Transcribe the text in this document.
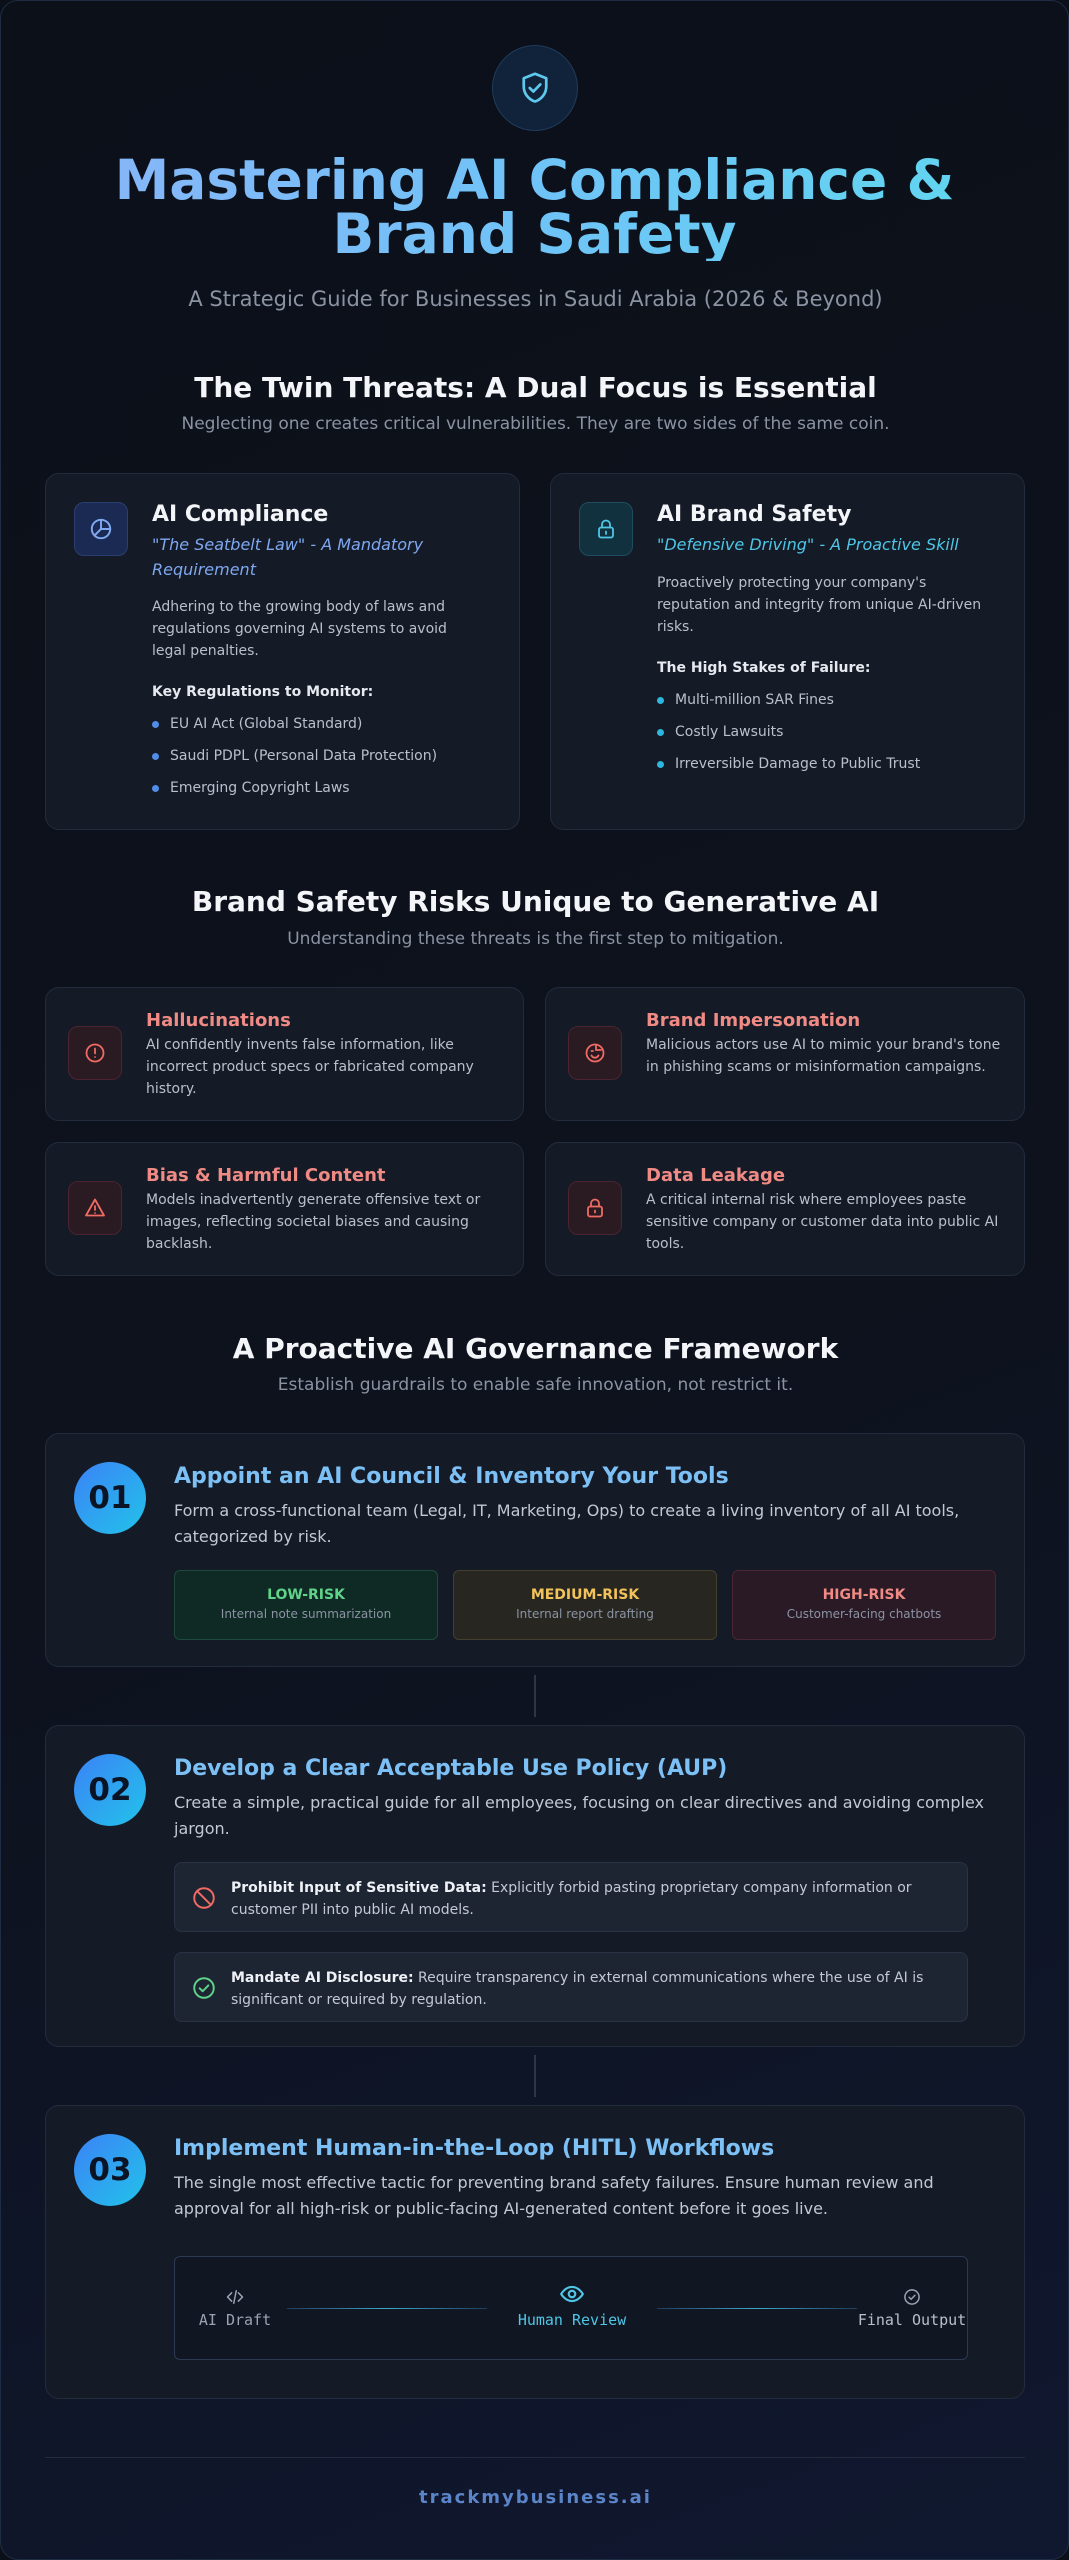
Mastering AI Compliance & Brand Safety
A Strategic Guide for Businesses in Saudi Arabia (2026 & Beyond)
The Twin Threats: A Dual Focus is Essential
Neglecting one creates critical vulnerabilities. They are two sides of the same coin.
AI Compliance
"The Seatbelt Law" - A Mandatory Requirement
Adhering to the growing body of laws and regulations governing AI systems to avoid legal penalties.
Key Regulations to Monitor:
EU AI Act (Global Standard)
Saudi PDPL (Personal Data Protection)
Emerging Copyright Laws
AI Brand Safety
"Defensive Driving" - A Proactive Skill
Proactively protecting your company's reputation and integrity from unique AI-driven risks.
The High Stakes of Failure:
Multi-million SAR Fines
Costly Lawsuits
Irreversible Damage to Public Trust
Brand Safety Risks Unique to Generative AI
Understanding these threats is the first step to mitigation.
Hallucinations
AI confidently invents false information, like incorrect product specs or fabricated company history.
Brand Impersonation
Malicious actors use AI to mimic your brand's tone in phishing scams or misinformation campaigns.
Bias & Harmful Content
Models inadvertently generate offensive text or images, reflecting societal biases and causing backlash.
Data Leakage
A critical internal risk where employees paste sensitive company or customer data into public AI tools.
A Proactive AI Governance Framework
Establish guardrails to enable safe innovation, not restrict it.
01
Appoint an AI Council & Inventory Your Tools
Form a cross-functional team (Legal, IT, Marketing, Ops) to create a living inventory of all AI tools, categorized by risk.
LOW-RISK
Internal note summarization
MEDIUM-RISK
Internal report drafting
HIGH-RISK
Customer-facing chatbots
02
Develop a Clear Acceptable Use Policy (AUP)
Create a simple, practical guide for all employees, focusing on clear directives and avoiding complex jargon.
Prohibit Input of Sensitive Data: Explicitly forbid pasting proprietary company information or customer PII into public AI models.
Mandate AI Disclosure: Require transparency in external communications where the use of AI is significant or required by regulation.
03
Implement Human-in-the-Loop (HITL) Workflows
The single most effective tactic for preventing brand safety failures. Ensure human review and approval for all high-risk or public-facing AI-generated content before it goes live.
AI Draft	Human Review	Final Output
trackmybusiness.ai
